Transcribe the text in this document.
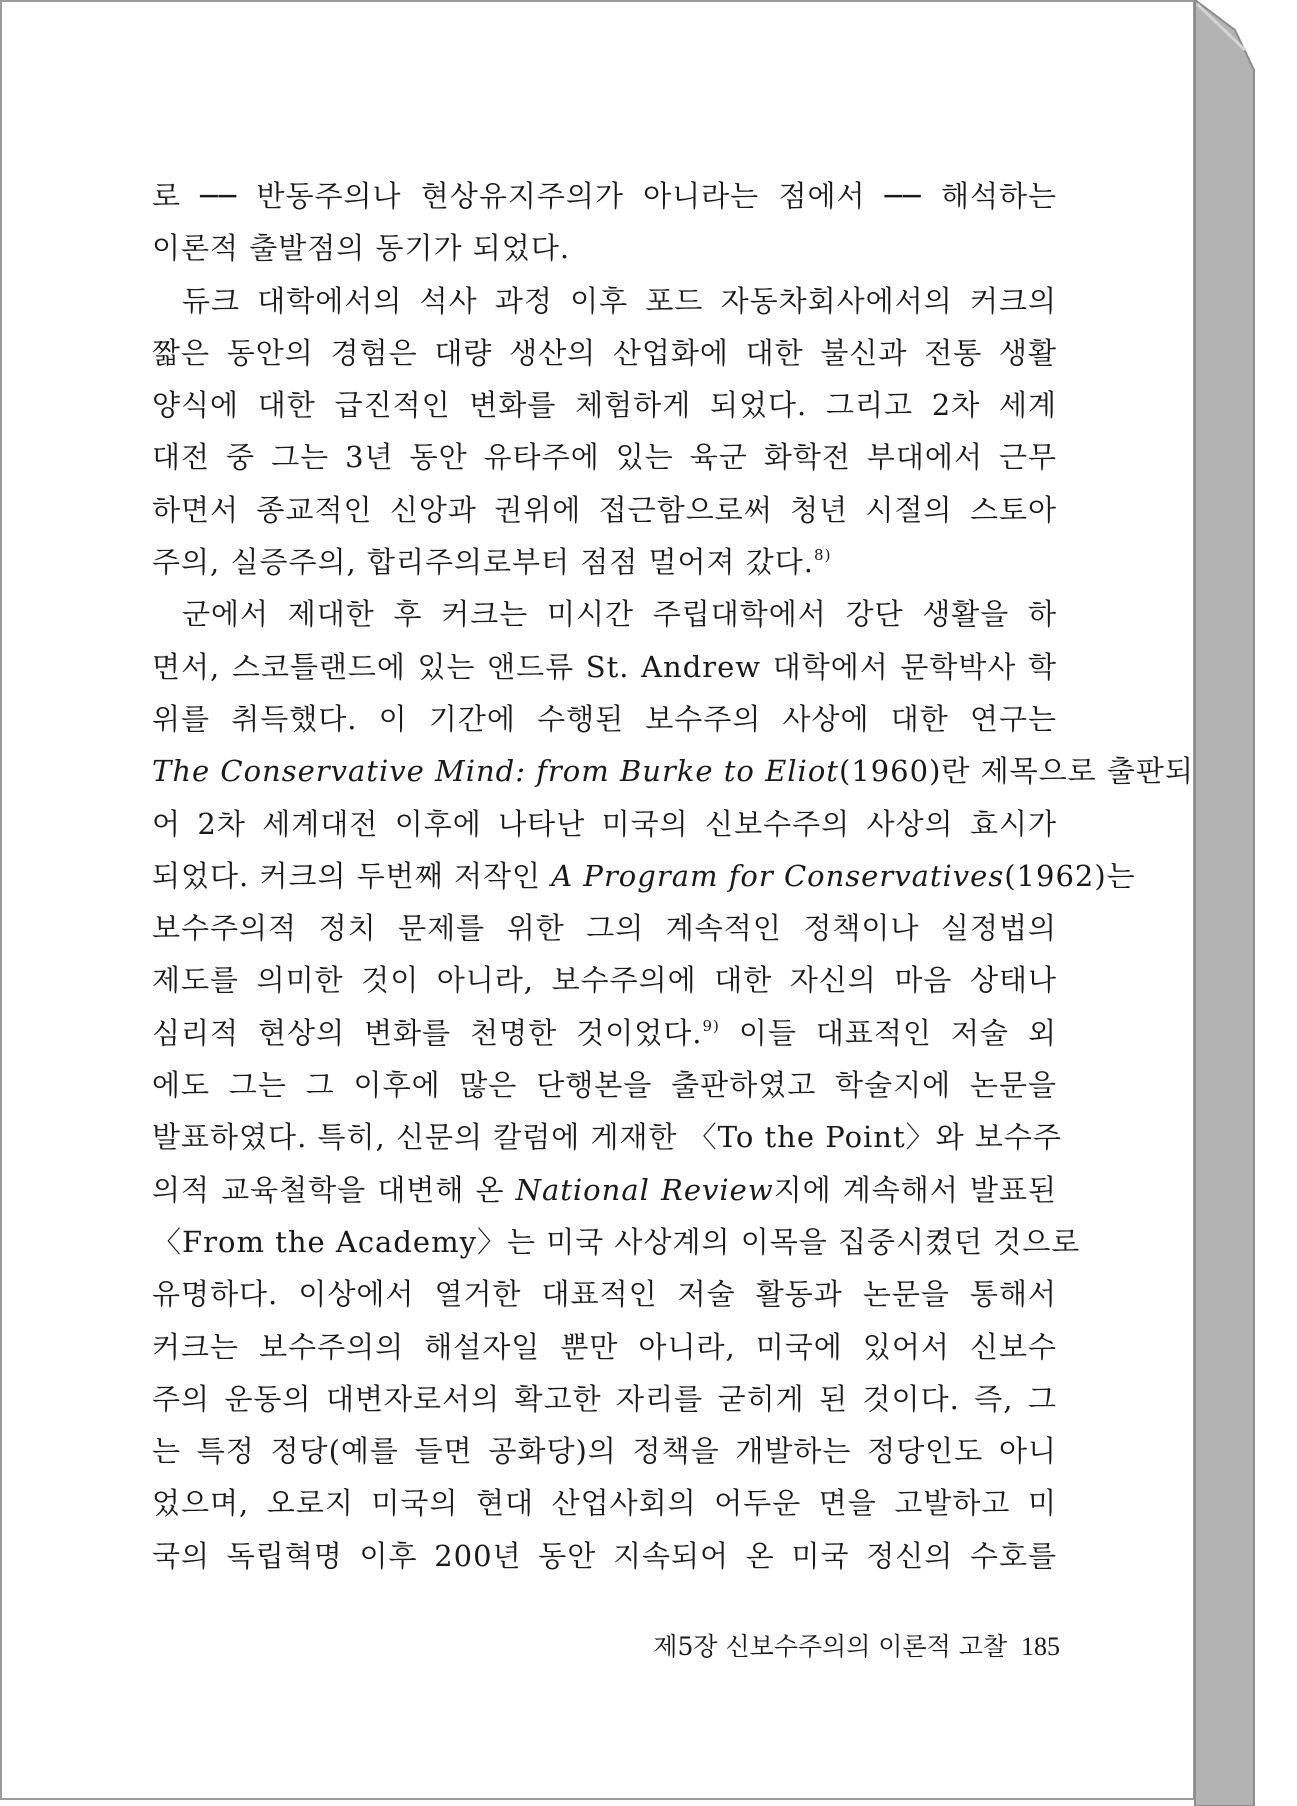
로 ── 반동주의나 현상유지주의가 아니라는 점에서 ── 해석하는
이론적 출발점의 동기가 되었다.
듀크 대학에서의 석사 과정 이후 포드 자동차회사에서의 커크의
짧은 동안의 경험은 대량 생산의 산업화에 대한 불신과 전통 생활
양식에 대한 급진적인 변화를 체험하게 되었다. 그리고 2차 세계
대전 중 그는 3년 동안 유타주에 있는 육군 화학전 부대에서 근무
하면서 종교적인 신앙과 권위에 접근함으로써 청년 시절의 스토아
주의, 실증주의, 합리주의로부터 점점 멀어져 갔다.$^{8)}$
군에서 제대한 후 커크는 미시간 주립대학에서 강단 생활을 하
면서, 스코틀랜드에 있는 앤드류 St. Andrew 대학에서 문학박사 학
위를 취득했다. 이 기간에 수행된 보수주의 사상에 대한 연구는
The Conservative Mind: from Burke to Eliot(1960)란 제목으로 출판되
어 2차 세계대전 이후에 나타난 미국의 신보수주의 사상의 효시가
되었다. 커크의 두번째 저작인 A Program for Conservatives(1962)는
보수주의적 정치 문제를 위한 그의 계속적인 정책이나 실정법의
제도를 의미한 것이 아니라, 보수주의에 대한 자신의 마음 상태나
심리적 현상의 변화를 천명한 것이었다.$^{9)}$ 이들 대표적인 저술 외
에도 그는 그 이후에 많은 단행본을 출판하였고 학술지에 논문을
발표하였다. 특히, 신문의 칼럼에 게재한 〈To the Point〉와 보수주
의적 교육철학을 대변해 온 National Review지에 계속해서 발표된
〈From the Academy〉는 미국 사상계의 이목을 집중시켰던 것으로
유명하다. 이상에서 열거한 대표적인 저술 활동과 논문을 통해서
커크는 보수주의의 해설자일 뿐만 아니라, 미국에 있어서 신보수
주의 운동의 대변자로서의 확고한 자리를 굳히게 된 것이다. 즉, 그
는 특정 정당(예를 들면 공화당)의 정책을 개발하는 정당인도 아니
었으며, 오로지 미국의 현대 산업사회의 어두운 면을 고발하고 미
국의 독립혁명 이후 200년 동안 지속되어 온 미국 정신의 수호를
제5장 신보수주의의 이론적 고찰 185
